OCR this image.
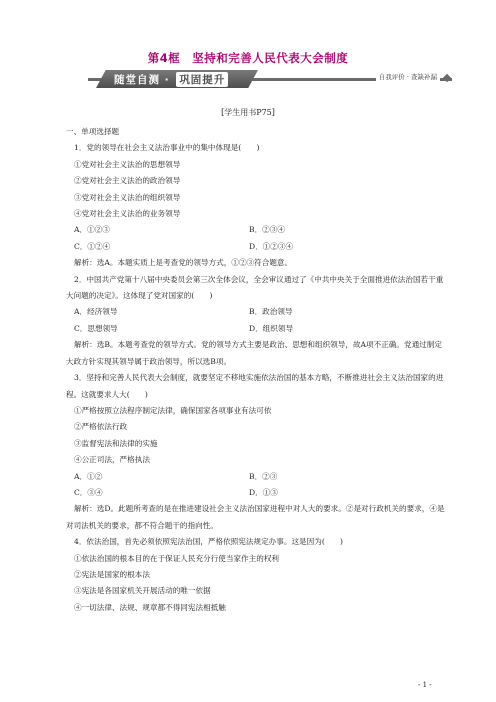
第4框　坚持和完善人民代表大会制度
随堂自测 · 巩固提升	自我评价 · 查缺补漏
[学生用书P75]
一、单项选择题
1．党的领导在社会主义法治事业中的集中体现是(　　)
①党对社会主义法治的思想领导
②党对社会主义法治的政治领导
③党对社会主义法治的组织领导
④党对社会主义法治的业务领导
A．①②③	B．②③④
C．①②④	D．①②③④
解析：选A。本题实质上是考查党的领导方式，①②③符合题意。
2．中国共产党第十八届中央委员会第三次全体会议，全会审议通过了《中共中央关于全面推进依法治国若干重大问题的决定》。这体现了党对国家的(　　)
A．经济领导	B．政治领导
C．思想领导	D．组织领导
解析：选B。本题考查党的领导方式。党的领导方式主要是政治、思想和组织领导，故A项不正确。党通过制定大政方针实现其领导属于政治领导，所以选B项。
3．坚持和完善人民代表大会制度，就要坚定不移地实施依法治国的基本方略，不断推进社会主义法治国家的进程。这就要求人大(　　)
①严格按照立法程序制定法律，确保国家各项事业有法可依
②严格依法行政
③监督宪法和法律的实施
④公正司法，严格执法
A．①②	B．②③
C．③④	D．①③
解析：选D。此题所考查的是在推进建设社会主义法治国家进程中对人大的要求。②是对行政机关的要求，④是对司法机关的要求，都不符合题干的指向性。
4．依法治国，首先必须依照宪法治国，严格依照宪法规定办事。这是因为(　　)
①依法治国的根本目的在于保证人民充分行使当家作主的权利
②宪法是国家的根本法
③宪法是各国家机关开展活动的唯一依据
④一切法律、法规、规章都不得同宪法相抵触
- 1 -
